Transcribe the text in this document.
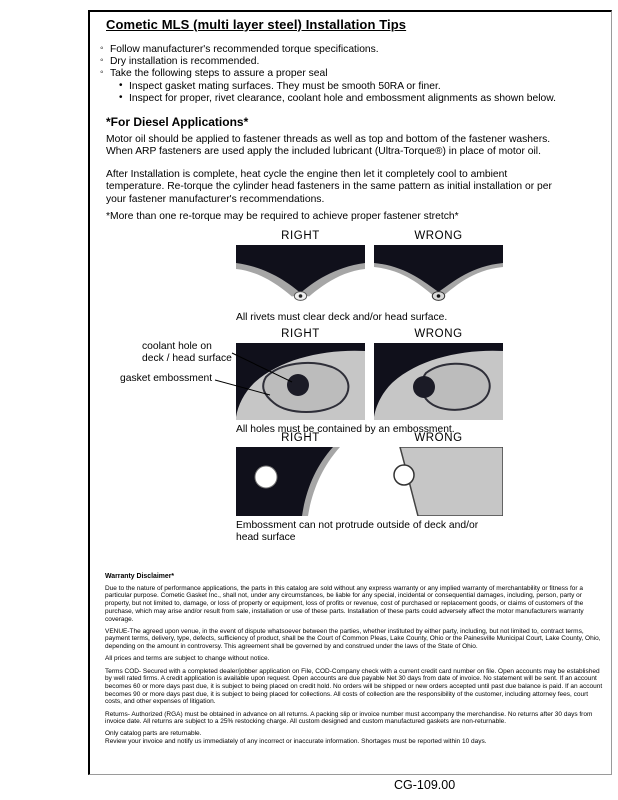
Cometic MLS (multi layer steel) Installation Tips
◦ Follow manufacturer's recommended torque specifications.
◦ Dry installation is recommended.
◦ Take the following steps to assure a proper seal
• Inspect gasket mating surfaces. They must be smooth 50RA or finer.
• Inspect for proper, rivet clearance, coolant hole and embossment alignments as shown below.
*For Diesel Applications*

Motor oil should be applied to fastener threads as well as top and bottom of the fastener washers. When ARP fasteners are used apply the included lubricant (Ultra-Torque®) in place of motor oil.

After Installation is complete, heat cycle the engine then let it completely cool to ambient temperature. Re-torque the cylinder head fasteners in the same pattern as initial installation or per your fastener manufacturer's recommendations.

*More than one re-torque may be required to achieve proper fastener stretch*

RIGHT	WRONG
All rivets must clear deck and/or head surface.
RIGHT	WRONG
All holes must be contained by an embossment.
coolant hole on
deck / head surface
gasket embossment
RIGHT	WRONG
Embossment can not protrude outside of deck and/or head surface
Warranty Disclaimer*

Due to the nature of performance applications, the parts in this catalog are sold without any express warranty or any implied warranty of merchantability or fitness for a particular purpose. Cometic Gasket Inc., shall not, under any circumstances, be liable for any special, incidental or consequential damages, including, person, party or property, but not limited to, damage, or loss of property or equipment, loss of profits or revenue, cost of purchased or replacement goods, or claims of customers of the purchase, which may arise and/or result from sale, installation or use of these parts. Installation of these parts could adversely affect the motor manufacturers warranty coverage.

VENUE-The agreed upon venue, in the event of dispute whatsoever between the parties, whether instituted by either party, including, but not limited to, contract terms, payment terms, delivery, type, defects, sufficiency of product, shall be the Court of Common Pleas, Lake County, Ohio or the Painesville Municipal Court, Lake County, Ohio, depending on the amount in controversy. This agreement shall be governed by and construed under the laws of the State of Ohio.

All prices and terms are subject to change without notice.

Terms COD- Secured with a completed dealer/jobber application on File, COD-Company check with a current credit card number on file. Open accounts may be established by well rated firms. A credit application is available upon request. Open accounts are due payable Net 30 days from date of invoice. No statement will be sent. If an account becomes 60 or more days past due, it is subject to being placed on credit hold. No orders will be shipped or new orders accepted until past due balance is paid. If an account becomes 90 or more days past due, it is subject to being placed for collections. All costs of collection are the responsibility of the customer, including attorney fees, court costs, and other expenses of litigation.

Returns- Authorized (RGA) must be obtained in advance on all returns. A packing slip or invoice number must accompany the merchandise. No returns after 30 days from invoice date. All returns are subject to a 25% restocking charge. All custom designed and custom manufactured gaskets are non-returnable.

Only catalog parts are returnable.

Review your invoice and notify us immediately of any incorrect or inaccurate information. Shortages must be reported within 10 days.

CG-109.00
